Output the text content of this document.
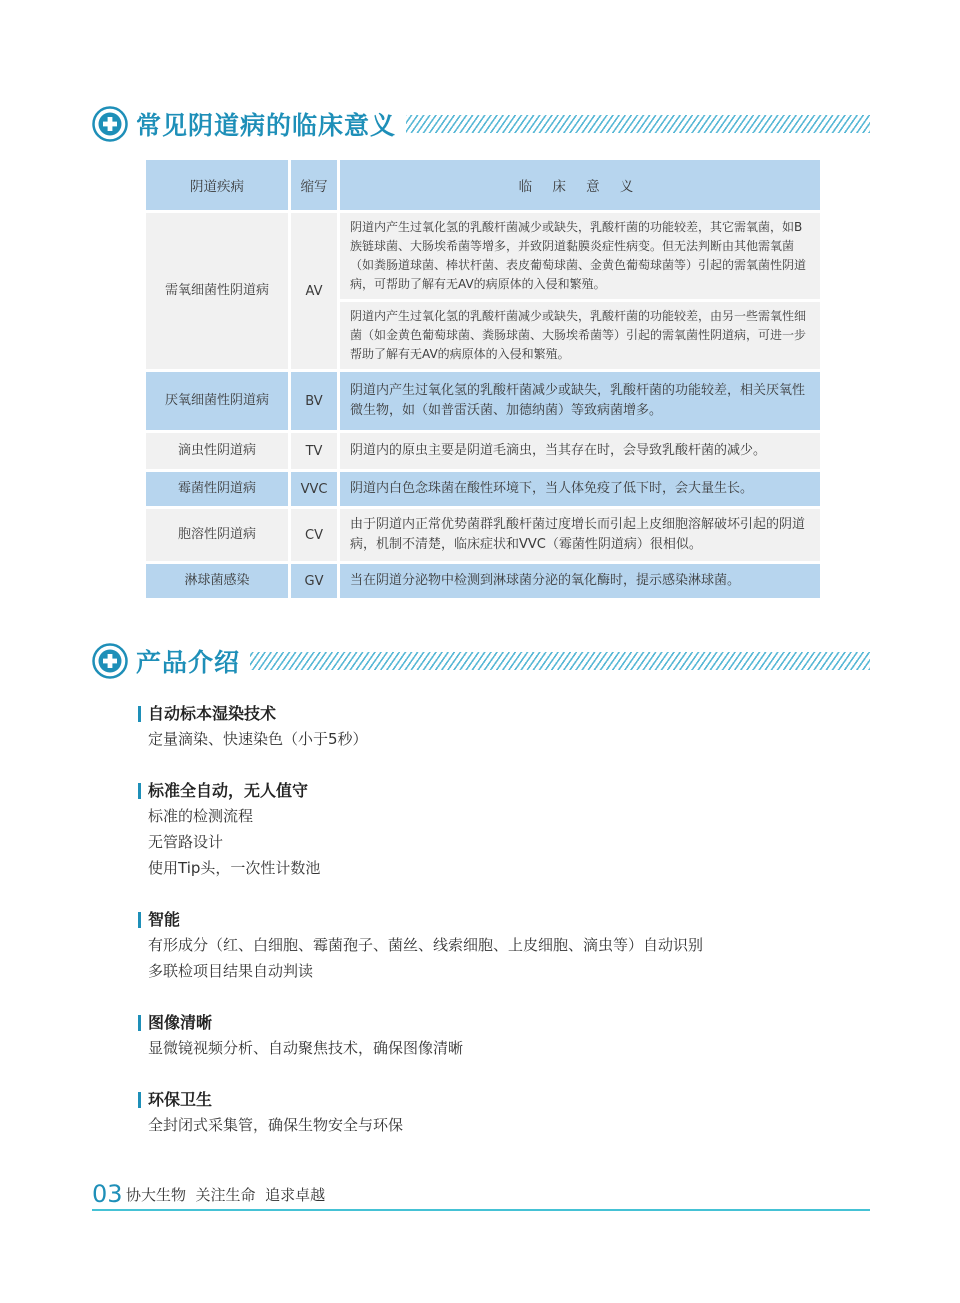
常见阴道病的临床意义
阴道疾病	缩写	临 床 意 义
需氧细菌性阴道病	AV	阴道内产生过氧化氢的乳酸杆菌减少或缺失，乳酸杆菌的功能较差，其它需氧菌，如B族链球菌、大肠埃希菌等增多，并致阴道黏膜炎症性病变。但无法判断由其他需氧菌（如粪肠道球菌、棒状杆菌、表皮葡萄球菌、金黄色葡萄球菌等）引起的需氧菌性阴道病，可帮助了解有无AV的病原体的入侵和繁殖。
		阴道内产生过氧化氢的乳酸杆菌减少或缺失，乳酸杆菌的功能较差，由另一些需氧性细菌（如金黄色葡萄球菌、粪肠球菌、大肠埃希菌等）引起的需氧菌性阴道病，可进一步帮助了解有无AV的病原体的入侵和繁殖。
厌氧细菌性阴道病	BV	阴道内产生过氧化氢的乳酸杆菌减少或缺失，乳酸杆菌的功能较差，相关厌氧性微生物，如（如普雷沃菌、加德纳菌）等致病菌增多。
滴虫性阴道病	TV	阴道内的原虫主要是阴道毛滴虫，当其存在时，会导致乳酸杆菌的减少。
霉菌性阴道病	VVC	阴道内白色念珠菌在酸性环境下，当人体免疫了低下时，会大量生长。
胞溶性阴道病	CV	由于阴道内正常优势菌群乳酸杆菌过度增长而引起上皮细胞溶解破坏引起的阴道病，机制不清楚，临床症状和VVC（霉菌性阴道病）很相似。
淋球菌感染	GV	当在阴道分泌物中检测到淋球菌分泌的氧化酶时，提示感染淋球菌。
产品介绍
自动标本湿染技术
定量滴染、快速染色（小于5秒）
标准全自动，无人值守
标准的检测流程
无管路设计
使用Tip头，一次性计数池
智能
有形成分（红、白细胞、霉菌孢子、菌丝、线索细胞、上皮细胞、滴虫等）自动识别
多联检项目结果自动判读
图像清晰
显微镜视频分析、自动聚焦技术，确保图像清晰
环保卫生
全封闭式采集管，确保生物安全与环保
03 协大生物  关注生命  追求卓越
